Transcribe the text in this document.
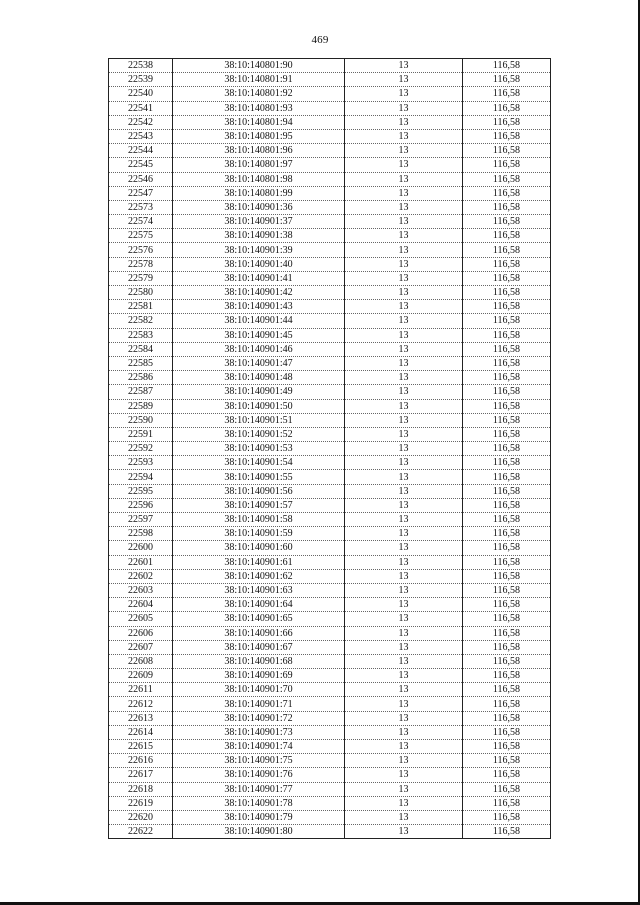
469
22538	38:10:140801:90	13	116,58
22539	38:10:140801:91	13	116,58
22540	38:10:140801:92	13	116,58
22541	38:10:140801:93	13	116,58
22542	38:10:140801:94	13	116,58
22543	38:10:140801:95	13	116,58
22544	38:10:140801:96	13	116,58
22545	38:10:140801:97	13	116,58
22546	38:10:140801:98	13	116,58
22547	38:10:140801:99	13	116,58
22573	38:10:140901:36	13	116,58
22574	38:10:140901:37	13	116,58
22575	38:10:140901:38	13	116,58
22576	38:10:140901:39	13	116,58
22578	38:10:140901:40	13	116,58
22579	38:10:140901:41	13	116,58
22580	38:10:140901:42	13	116,58
22581	38:10:140901:43	13	116,58
22582	38:10:140901:44	13	116,58
22583	38:10:140901:45	13	116,58
22584	38:10:140901:46	13	116,58
22585	38:10:140901:47	13	116,58
22586	38:10:140901:48	13	116,58
22587	38:10:140901:49	13	116,58
22589	38:10:140901:50	13	116,58
22590	38:10:140901:51	13	116,58
22591	38:10:140901:52	13	116,58
22592	38:10:140901:53	13	116,58
22593	38:10:140901:54	13	116,58
22594	38:10:140901:55	13	116,58
22595	38:10:140901:56	13	116,58
22596	38:10:140901:57	13	116,58
22597	38:10:140901:58	13	116,58
22598	38:10:140901:59	13	116,58
22600	38:10:140901:60	13	116,58
22601	38:10:140901:61	13	116,58
22602	38:10:140901:62	13	116,58
22603	38:10:140901:63	13	116,58
22604	38:10:140901:64	13	116,58
22605	38:10:140901:65	13	116,58
22606	38:10:140901:66	13	116,58
22607	38:10:140901:67	13	116,58
22608	38:10:140901:68	13	116,58
22609	38:10:140901:69	13	116,58
22611	38:10:140901:70	13	116,58
22612	38:10:140901:71	13	116,58
22613	38:10:140901:72	13	116,58
22614	38:10:140901:73	13	116,58
22615	38:10:140901:74	13	116,58
22616	38:10:140901:75	13	116,58
22617	38:10:140901:76	13	116,58
22618	38:10:140901:77	13	116,58
22619	38:10:140901:78	13	116,58
22620	38:10:140901:79	13	116,58
22622	38:10:140901:80	13	116,58
